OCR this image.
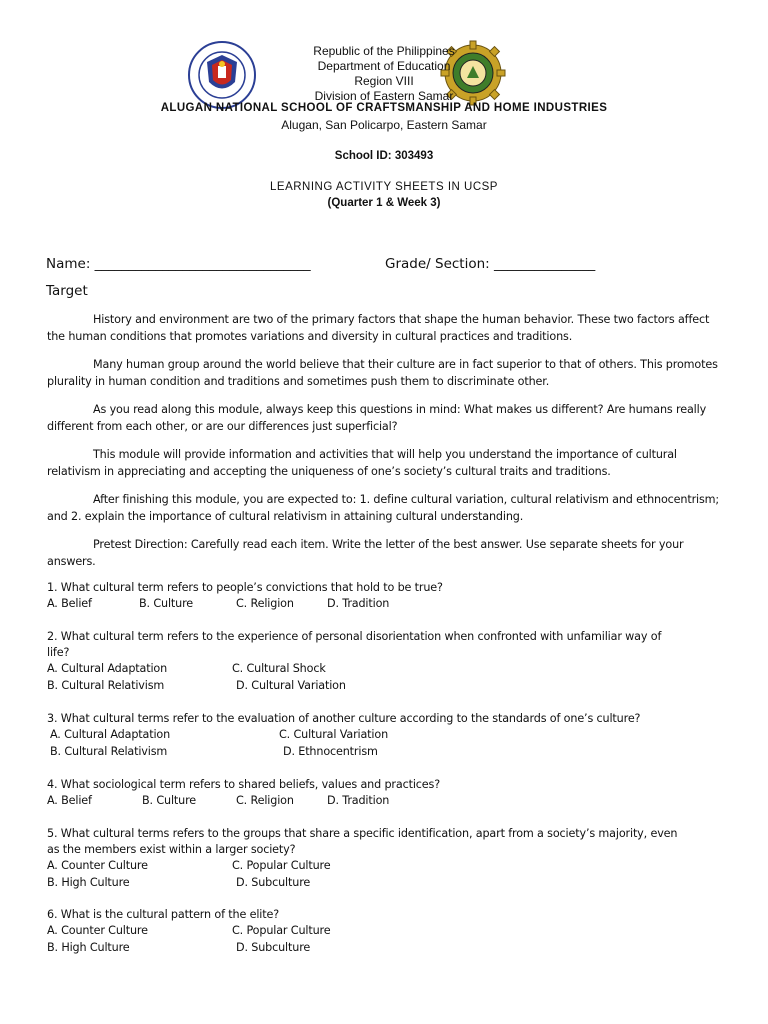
Republic of the Philippines
Department of Education
Region VIII
Division of Eastern Samar
ALUGAN NATIONAL SCHOOL OF CRAFTSMANSHIP AND HOME INDUSTRIES
Alugan, San Policarpo, Eastern Samar
School ID: 303493
LEARNING ACTIVITY SHEETS IN UCSP
(Quarter 1 & Week 3)
Name: ________________________________	Grade/ Section: _______________
Target
History and environment are two of the primary factors that shape the human behavior. These two factors affect the human conditions that promotes variations and diversity in cultural practices and traditions.
Many human group around the world believe that their culture are in fact superior to that of others. This promotes plurality in human condition and traditions and sometimes push them to discriminate other.
As you read along this module, always keep this questions in mind: What makes us different? Are humans really different from each other, or are our differences just superficial?
This module will provide information and activities that will help you understand the importance of cultural relativism in appreciating and accepting the uniqueness of one’s society’s cultural traits and traditions.
After finishing this module, you are expected to: 1. define cultural variation, cultural relativism and ethnocentrism; and 2. explain the importance of cultural relativism in attaining cultural understanding.
Pretest Direction: Carefully read each item. Write the letter of the best answer. Use separate sheets for your answers.
1. What cultural term refers to people’s convictions that hold to be true?
A. Belief	B. Culture	C. Religion	D. Tradition
2. What cultural term refers to the experience of personal disorientation when confronted with unfamiliar way of
life?
A. Cultural Adaptation	C. Cultural Shock
B. Cultural Relativism	D. Cultural Variation
3. What cultural terms refer to the evaluation of another culture according to the standards of one’s culture?
A. Cultural Adaptation	C. Cultural Variation
B. Cultural Relativism	D. Ethnocentrism
4. What sociological term refers to shared beliefs, values and practices?
A. Belief	B. Culture	C. Religion	D. Tradition
5. What cultural terms refers to the groups that share a specific identification, apart from a society’s majority, even
as the members exist within a larger society?
A. Counter Culture	C. Popular Culture
B. High Culture	D. Subculture
6. What is the cultural pattern of the elite?
A. Counter Culture	C. Popular Culture
B. High Culture	D. Subculture
